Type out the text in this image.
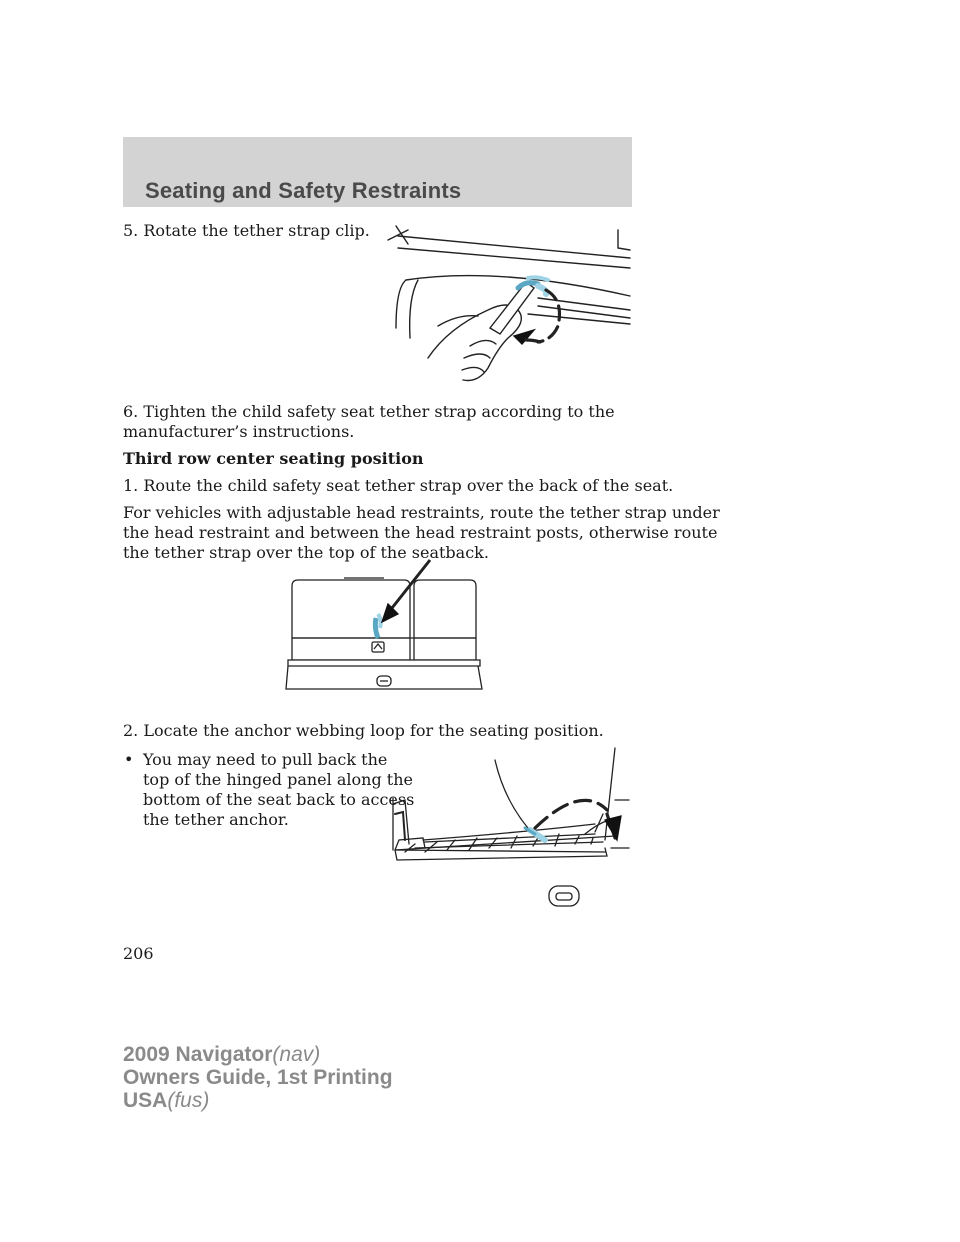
Seating and Safety Restraints
5. Rotate the tether strap clip.
6. Tighten the child safety seat tether strap according to the
manufacturer’s instructions.
Third row center seating position
1. Route the child safety seat tether strap over the back of the seat.
For vehicles with adjustable head restraints, route the tether strap under
the head restraint and between the head restraint posts, otherwise route
the tether strap over the top of the seatback.
2. Locate the anchor webbing loop for the seating position.
• You may need to pull back the
top of the hinged panel along the
bottom of the seat back to access
the tether anchor.
206
2009 Navigator(nav)
Owners Guide, 1st Printing
USA(fus)
